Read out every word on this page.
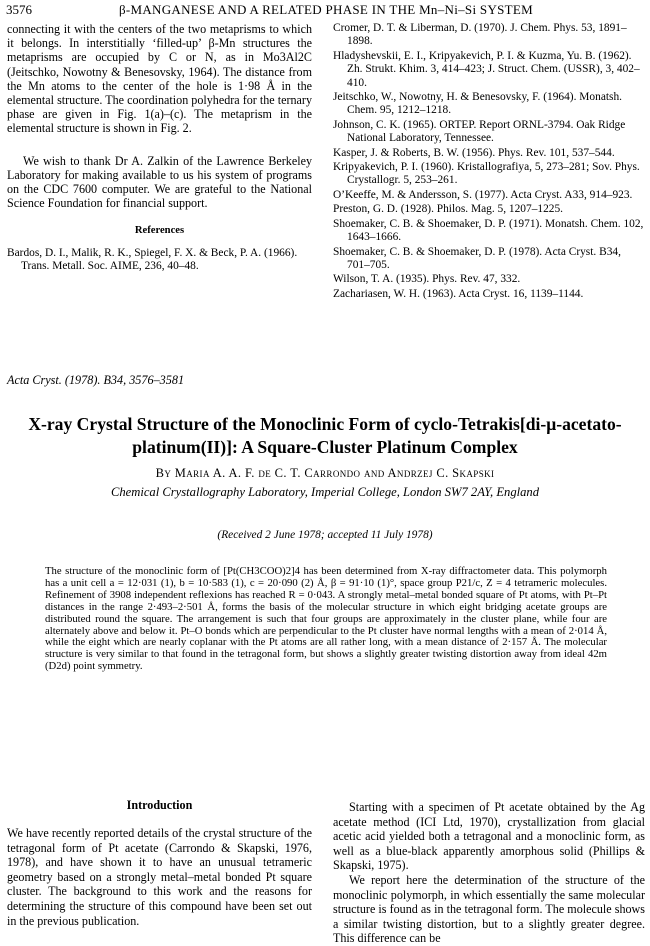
3576	β-MANGANESE AND A RELATED PHASE IN THE Mn–Ni–Si SYSTEM

connecting it with the centers of the two metaprisms to which it belongs. In interstitially ‘filled-up’ β-Mn structures the metaprisms are occupied by C or N, as in Mo3Al2C (Jeitschko, Nowotny & Benesovsky, 1964). The distance from the Mn atoms to the center of the hole is 1·98 Å in the elemental structure. The coordination polyhedra for the ternary phase are given in Fig. 1(a)–(c). The metaprism in the elemental structure is shown in Fig. 2.

We wish to thank Dr A. Zalkin of the Lawrence Berkeley Laboratory for making available to us his system of programs on the CDC 7600 computer. We are grateful to the National Science Foundation for financial support.

References
Bardos, D. I., Malik, R. K., Spiegel, F. X. & Beck, P. A. (1966). Trans. Metall. Soc. AIME, 236, 40–48.
Cromer, D. T. & Liberman, D. (1970). J. Chem. Phys. 53, 1891–1898.
Hladyshevskii, E. I., Kripyakevich, P. I. & Kuzma, Yu. B. (1962). Zh. Strukt. Khim. 3, 414–423; J. Struct. Chem. (USSR), 3, 402–410.
Jeitschko, W., Nowotny, H. & Benesovsky, F. (1964). Monatsh. Chem. 95, 1212–1218.
Johnson, C. K. (1965). ORTEP. Report ORNL-3794. Oak Ridge National Laboratory, Tennessee.
Kasper, J. & Roberts, B. W. (1956). Phys. Rev. 101, 537–544.
Kripyakevich, P. I. (1960). Kristallografiya, 5, 273–281; Sov. Phys. Crystallogr. 5, 253–261.
O’Keeffe, M. & Andersson, S. (1977). Acta Cryst. A33, 914–923.
Preston, G. D. (1928). Philos. Mag. 5, 1207–1225.
Shoemaker, C. B. & Shoemaker, D. P. (1971). Monatsh. Chem. 102, 1643–1666.
Shoemaker, C. B. & Shoemaker, D. P. (1978). Acta Cryst. B34, 701–705.
Wilson, T. A. (1935). Phys. Rev. 47, 332.
Zachariasen, W. H. (1963). Acta Cryst. 16, 1139–1144.
Acta Cryst. (1978). B34, 3576–3581
X-ray Crystal Structure of the Monoclinic Form of cyclo-Tetrakis[di-μ-acetato-platinum(II)]: A Square-Cluster Platinum Complex
By Maria A. A. F. de C. T. Carrondo and Andrzej C. Skapski
Chemical Crystallography Laboratory, Imperial College, London SW7 2AY, England
(Received 2 June 1978; accepted 11 July 1978)
The structure of the monoclinic form of [Pt(CH3COO)2]4 has been determined from X-ray diffractometer data. This polymorph has a unit cell a = 12·031 (1), b = 10·583 (1), c = 20·090 (2) Å, β = 91·10 (1)°, space group P21/c, Z = 4 tetrameric molecules. Refinement of 3908 independent reflexions has reached R = 0·043. A strongly metal–metal bonded square of Pt atoms, with Pt–Pt distances in the range 2·493–2·501 Å, forms the basis of the molecular structure in which eight bridging acetate groups are distributed round the square. The arrangement is such that four groups are approximately in the cluster plane, while four are alternately above and below it. Pt–O bonds which are perpendicular to the Pt cluster have normal lengths with a mean of 2·014 Å, while the eight which are nearly coplanar with the Pt atoms are all rather long, with a mean distance of 2·157 Å. The molecular structure is very similar to that found in the tetragonal form, but shows a slightly greater twisting distortion away from ideal 42m (D2d) point symmetry.
Introduction

We have recently reported details of the crystal structure of the tetragonal form of Pt acetate (Carrondo & Skapski, 1976, 1978), and have shown it to have an unusual tetrameric geometry based on a strongly metal–metal bonded Pt square cluster. The background to this work and the reasons for determining the structure of this compound have been set out in the previous publication.

Starting with a specimen of Pt acetate obtained by the Ag acetate method (ICI Ltd, 1970), crystallization from glacial acetic acid yielded both a tetragonal and a monoclinic form, as well as a blue-black apparently amorphous solid (Phillips & Skapski, 1975).

We report here the determination of the structure of the monoclinic polymorph, in which essentially the same molecular structure is found as in the tetragonal form. The molecule shows a similar twisting distortion, but to a slightly greater degree. This difference can be
